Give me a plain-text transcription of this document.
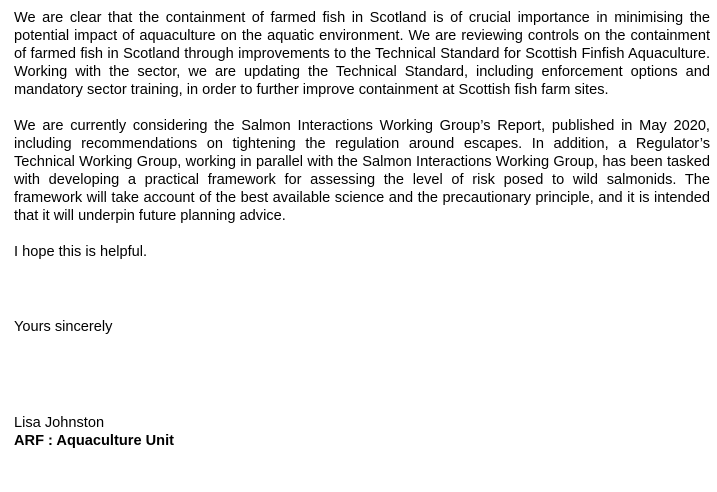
We are clear that the containment of farmed fish in Scotland is of crucial importance in minimising the potential impact of aquaculture on the aquatic environment. We are reviewing controls on the containment of farmed fish in Scotland through improvements to the Technical Standard for Scottish Finfish Aquaculture. Working with the sector, we are updating the Technical Standard, including enforcement options and mandatory sector training, in order to further improve containment at Scottish fish farm sites.

We are currently considering the Salmon Interactions Working Group’s Report, published in May 2020, including recommendations on tightening the regulation around escapes. In addition, a Regulator’s Technical Working Group, working in parallel with the Salmon Interactions Working Group, has been tasked with developing a practical framework for assessing the level of risk posed to wild salmonids. The framework will take account of the best available science and the precautionary principle, and it is intended that it will underpin future planning advice.

I hope this is helpful.

Yours sincerely

Lisa Johnston

ARF : Aquaculture Unit
